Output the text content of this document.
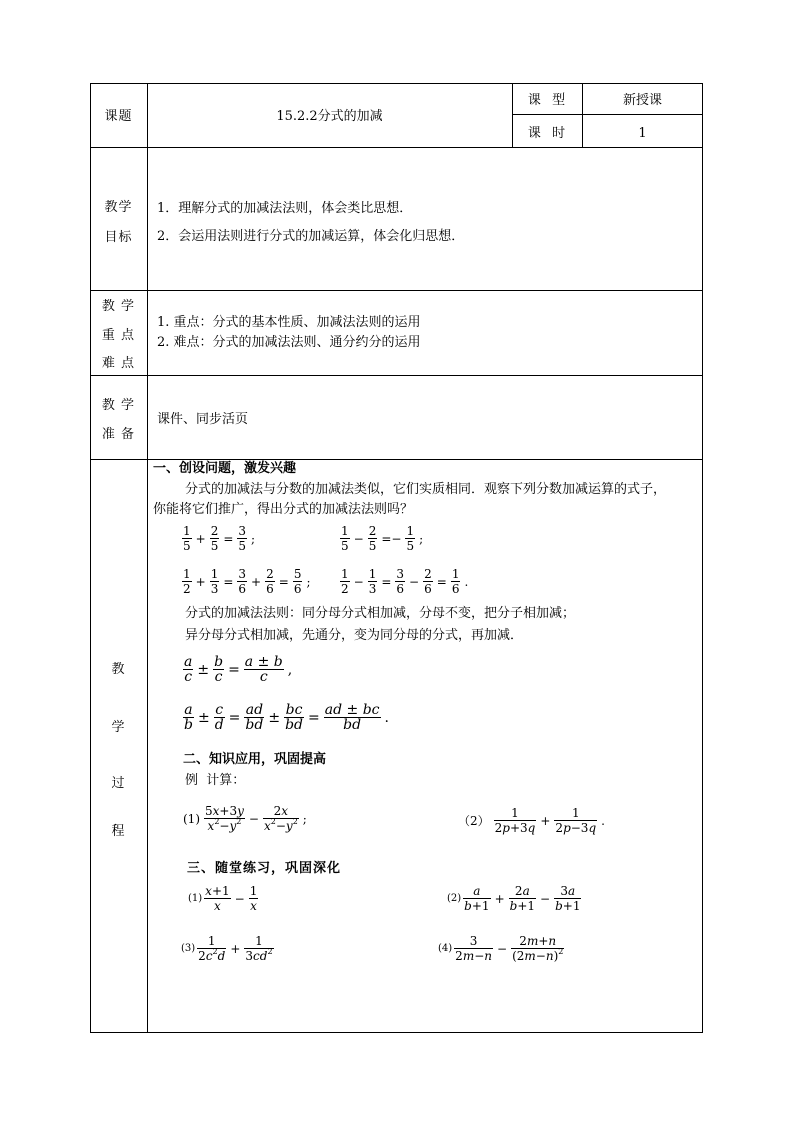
课题	15.2.2分式的加减
课  型	新授课
课  时	1
教学
目标
1．理解分式的加减法法则，体会类比思想．
2．会运用法则进行分式的加减运算，体会化归思想．
教 学
重 点
难 点
1. 重点：分式的基本性质、加减法法则的运用
2. 难点：分式的加减法法则、通分约分的运用
教 学
准 备
课件、同步活页
教
学
过
程
一、创设问题，激发兴趣
分式的加减法与分数的加减法类似，它们实质相同．观察下列分数加减运算的式子，
你能将它们推广，得出分式的加减法法则吗？
$\frac{1}{5} + \frac{2}{5} = \frac{3}{5}$ ;	$\frac{1}{5} - \frac{2}{5} =- \frac{1}{5}$ ;
$\frac{1}{2} + \frac{1}{3} = \frac{3}{6} + \frac{2}{6} = \frac{5}{6}$ ; $\frac{1}{2} - \frac{1}{3} = \frac{3}{6} - \frac{2}{6} = \frac{1}{6}$ .
分式的加减法法则：同分母分式相加减，分母不变，把分子相加减；
异分母分式相加减，先通分，变为同分母的分式，再加减．
$\frac{a}{c} \pm \frac{b}{c} = \frac{a \pm b}{c}$ ,
$\frac{a}{b} \pm \frac{c}{d} = \frac{ad}{bd} \pm \frac{bc}{bd} = \frac{ad \pm bc}{bd}$ .
二、知识应用，巩固提高
例  计算：
$(1) \frac{5x+3y}{x^2-y^2} - \frac{2x}{x^2-y^2}$ ;	$(2) \frac{1}{2p+3q} + \frac{1}{2p-3q}$ .
三、随堂练习，巩固深化
$(1) \frac{x+1}{x} - \frac{1}{x}$	$(2) \frac{a}{b+1} + \frac{2a}{b+1} - \frac{3a}{b+1}$
$(3) \frac{1}{2c^2d} + \frac{1}{3cd^2}$	$(4) \frac{3}{2m-n} - \frac{2m+n}{(2m-n)^2}$
